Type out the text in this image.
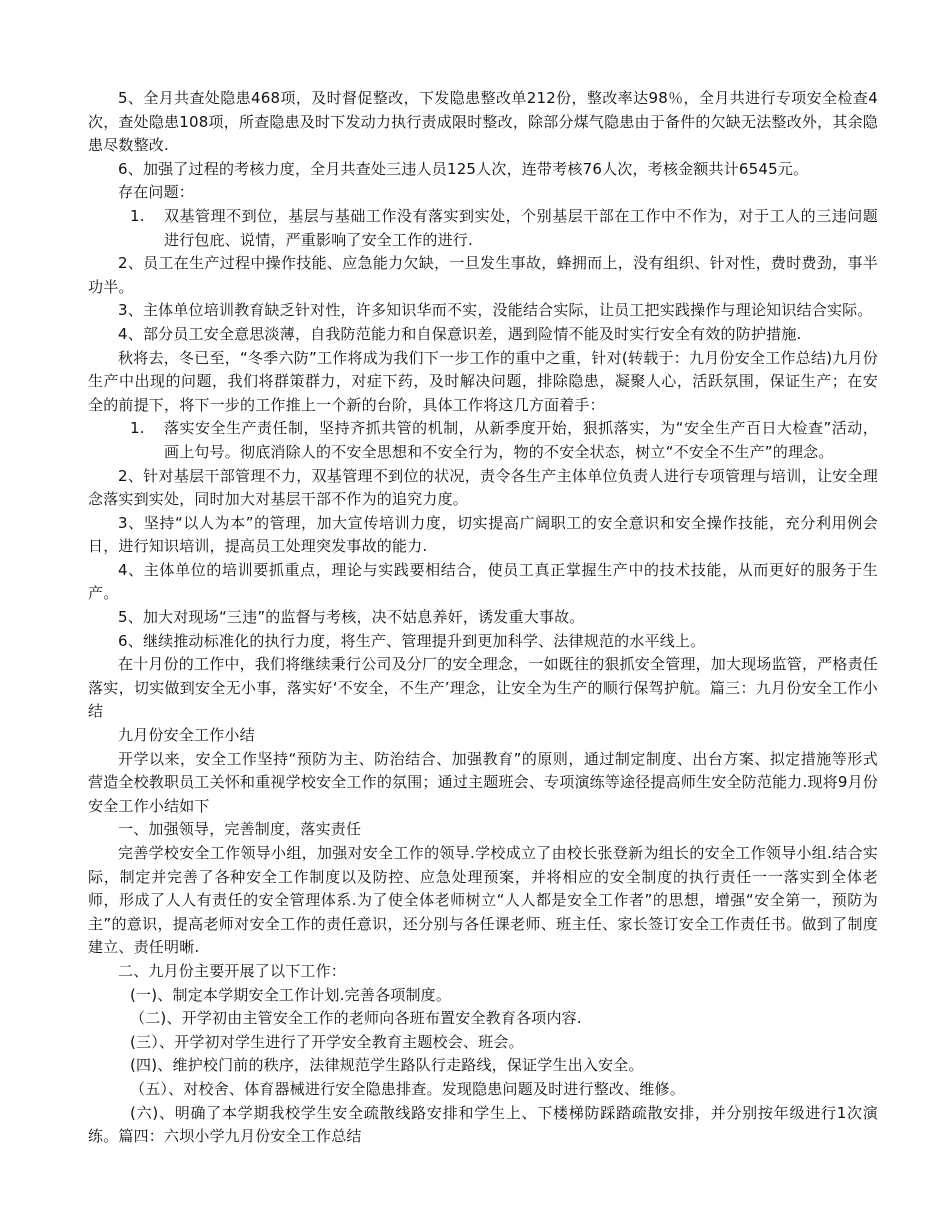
5、全月共查处隐患468项，及时督促整改，下发隐患整改单212份，整改率达98％，全月共进行专项安全检查4次，查处隐患108项，所查隐患及时下发动力执行责成限时整改，除部分煤气隐患由于备件的欠缺无法整改外，其余隐患尽数整改.

6、加强了过程的考核力度，全月共查处三违人员125人次，连带考核76人次，考核金额共计6545元。

存在问题：

1.	双基管理不到位，基层与基础工作没有落实到实处，个别基层干部在工作中不作为，对于工人的三违问题进行包庇、说情，严重影响了安全工作的进行.

2、员工在生产过程中操作技能、应急能力欠缺，一旦发生事故，蜂拥而上，没有组织、针对性，费时费劲，事半功半。

3、主体单位培训教育缺乏针对性，许多知识华而不实，没能结合实际，让员工把实践操作与理论知识结合实际。

4、部分员工安全意思淡薄，自我防范能力和自保意识差，遇到险情不能及时实行安全有效的防护措施.

秋将去，冬已至，“冬季六防”工作将成为我们下一步工作的重中之重，针对(转载于：九月份安全工作总结)九月份生产中出现的问题，我们将群策群力，对症下药，及时解决问题，排除隐患，凝聚人心，活跃氛围，保证生产；在安全的前提下，将下一步的工作推上一个新的台阶，具体工作将这几方面着手：

1.	落实安全生产责任制，坚持齐抓共管的机制，从新季度开始，狠抓落实，为“安全生产百日大检查”活动，画上句号。彻底消除人的不安全思想和不安全行为，物的不安全状态，树立“不安全不生产”的理念。

2、针对基层干部管理不力，双基管理不到位的状况，责令各生产主体单位负责人进行专项管理与培训，让安全理念落实到实处，同时加大对基层干部不作为的追究力度。

3、坚持“以人为本”的管理，加大宣传培训力度，切实提高广阔职工的安全意识和安全操作技能，充分利用例会日，进行知识培训，提高员工处理突发事故的能力.

4、主体单位的培训要抓重点，理论与实践要相结合，使员工真正掌握生产中的技术技能，从而更好的服务于生产。

5、加大对现场“三违”的监督与考核，决不姑息养奸，诱发重大事故。

6、继续推动标准化的执行力度，将生产、管理提升到更加科学、法律规范的水平线上。

在十月份的工作中，我们将继续秉行公司及分厂的安全理念，一如既往的狠抓安全管理，加大现场监管，严格责任落实，切实做到安全无小事，落实好‘不安全，不生产’理念，让安全为生产的顺行保驾护航。篇三：九月份安全工作小结

九月份安全工作小结

开学以来，安全工作坚持“预防为主、防治结合、加强教育”的原则，通过制定制度、出台方案、拟定措施等形式营造全校教职员工关怀和重视学校安全工作的氛围；通过主题班会、专项演练等途径提高师生安全防范能力.现将9月份安全工作小结如下

一、加强领导，完善制度，落实责任

完善学校安全工作领导小组，加强对安全工作的领导.学校成立了由校长张登新为组长的安全工作领导小组.结合实际，制定并完善了各种安全工作制度以及防控、应急处理预案，并将相应的安全制度的执行责任一一落实到全体老师，形成了人人有责任的安全管理体系.为了使全体老师树立“人人都是安全工作者”的思想，增强“安全第一，预防为主”的意识，提高老师对安全工作的责任意识，还分别与各任课老师、班主任、家长签订安全工作责任书。做到了制度建立、责任明晰.

二、九月份主要开展了以下工作：

(一)、制定本学期安全工作计划.完善各项制度。

（二)、开学初由主管安全工作的老师向各班布置安全教育各项内容.

(三）、开学初对学生进行了开学安全教育主题校会、班会。

(四)、维护校门前的秩序，法律规范学生路队行走路线，保证学生出入安全。

（五）、对校舍、体育器械进行安全隐患排查。发现隐患问题及时进行整改、维修。

(六)、明确了本学期我校学生安全疏散线路安排和学生上、下楼梯防踩踏疏散安排，并分别按年级进行1次演练。篇四：六坝小学九月份安全工作总结
